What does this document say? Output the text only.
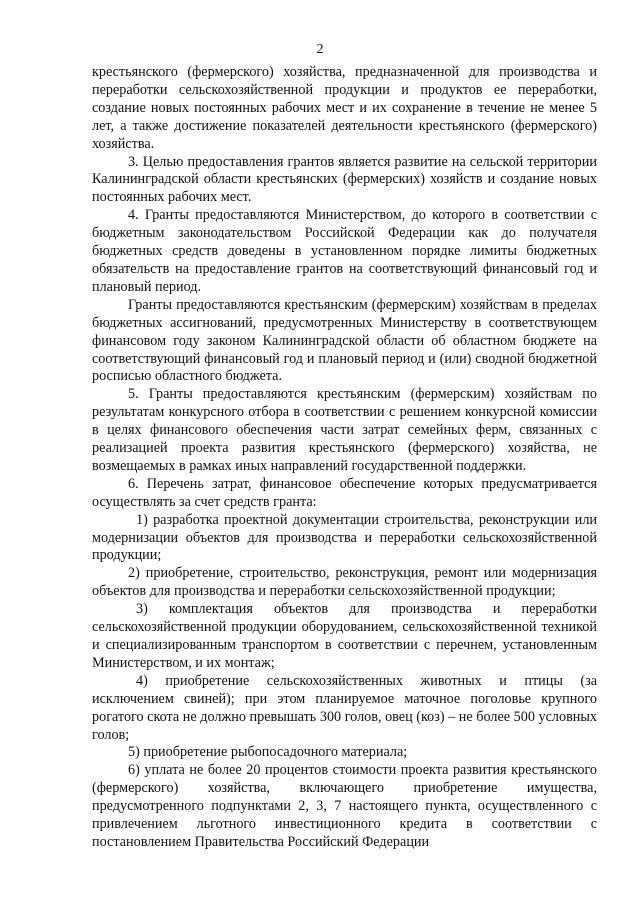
2

крестьянского (фермерского) хозяйства, предназначенной для производства и переработки сельскохозяйственной продукции и продуктов ее переработки, создание новых постоянных рабочих мест и их сохранение в течение не менее 5 лет, а также достижение показателей деятельности крестьянского (фермерского) хозяйства.

3. Целью предоставления грантов является развитие на сельской территории Калининградской области крестьянских (фермерских) хозяйств и создание новых постоянных рабочих мест.

4. Гранты предоставляются Министерством, до которого в соответствии с бюджетным законодательством Российской Федерации как до получателя бюджетных средств доведены в установленном порядке лимиты бюджетных обязательств на предоставление грантов на соответствующий финансовый год и плановый период.

Гранты предоставляются крестьянским (фермерским) хозяйствам в пределах бюджетных ассигнований, предусмотренных Министерству в соответствующем финансовом году законом Калининградской области об областном бюджете на соответствующий финансовый год и плановый период и (или) сводной бюджетной росписью областного бюджета.

5. Гранты предоставляются крестьянским (фермерским) хозяйствам по результатам конкурсного отбора в соответствии с решением конкурсной комиссии в целях финансового обеспечения части затрат семейных ферм, связанных с реализацией проекта развития крестьянского (фермерского) хозяйства, не возмещаемых в рамках иных направлений государственной поддержки.

6. Перечень затрат, финансовое обеспечение которых предусматривается осуществлять за счет средств гранта:

1) разработка проектной документации строительства, реконструкции или модернизации объектов для производства и переработки сельскохозяйственной продукции;

2) приобретение, строительство, реконструкция, ремонт или модернизация объектов для производства и переработки сельскохозяйственной продукции;

3) комплектация объектов для производства и переработки сельскохозяйственной продукции оборудованием, сельскохозяйственной техникой и специализированным транспортом в соответствии с перечнем, установленным Министерством, и их монтаж;

4) приобретение сельскохозяйственных животных и птицы (за исключением свиней); при этом планируемое маточное поголовье крупного рогатого скота не должно превышать 300 голов, овец (коз) – не более 500 условных голов;

5) приобретение рыбопосадочного материала;

6) уплата не более 20 процентов стоимости проекта развития крестьянского (фермерского) хозяйства, включающего приобретение имущества, предусмотренного подпунктами 2, 3, 7 настоящего пункта, осуществленного с привлечением льготного инвестиционного кредита в соответствии с постановлением Правительства Российский Федерации
